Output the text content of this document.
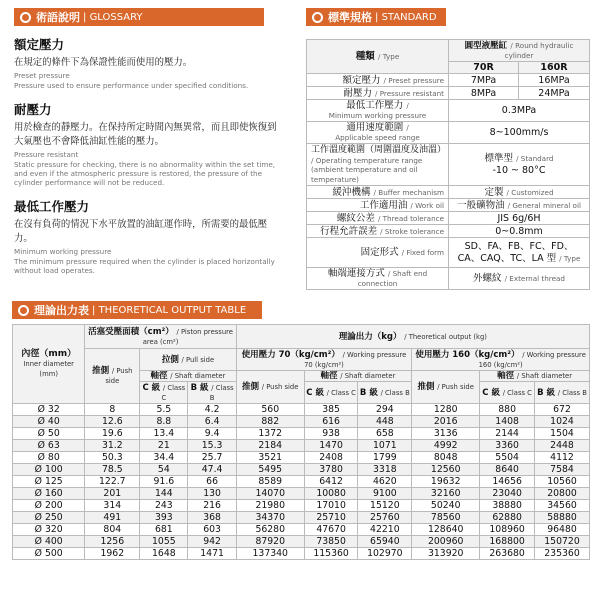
術語說明 | GLOSSARY
額定壓力
在規定的條件下為保證性能而使用的壓力。
Preset pressure
Pressure used to ensure performance under specified conditions.
耐壓力
用於檢查的靜壓力。在保持所定時間內無異常，而且即使恢復到大氣壓也不會降低油缸性能的壓力。
Pressure resistant
Static pressure for checking, there is no abnormality within the set time, and even if the atmospheric pressure is restored, the pressure of the cylinder performance will not be reduced.
最低工作壓力
在沒有負荷的情況下水平放置的油缸運作時，所需要的最低壓力。
Minimum working pressure
The minimum pressure required when the cylinder is placed horizontally without load operates.
標準規格 | STANDARD
種類 / Type	圓型液壓缸 / Round hydraulic cylinder	
	70R	160R
額定壓力 / Preset pressure	7MPa	16MPa
耐壓力 / Pressure resistant	8MPa	24MPa
最低工作壓力 /
Minimum working pressure	0.3MPa	
適用速度範圍 /
Applicable speed range	8~100mm/s	
工作溫度範圍（周圍溫度及油溫） / Operating temperature range (ambient temperature and oil temperature)	標準型 / Standard
-10 ~ 80°C	
緩沖機構 / Buffer mechanism	定製 / Customized	
工作適用油 / Work oil	一般礦物油 / General mineral oil	
螺紋公差 / Thread tolerance	JIS 6g/6H	
行程允許誤差 / Stroke tolerance	0~0.8mm	
固定形式 / Fixed form	SD、FA、FB、FC、FD、
CA、CAQ、TC、LA 型 / Type	
軸端連接方式 / Shaft end
connection	外螺紋 / External thread	
理論出力表 | THEORETICAL OUTPUT TABLE
內徑（mm）
Inner diameter (mm)	活塞受壓面積（cm²） / Piston pressure area (cm²)			理論出力（kg） / Theoretical output (kg)					
	推側 / Push side	拉側 / Pull side		使用壓力 70（kg/cm²） / Working pressure 70 (kg/cm²)			使用壓力 160（kg/cm²） / Working pressure 160 (kg/cm²)		
		軸徑 / Shaft diameter		推側 / Push side	軸徑 / Shaft diameter		推側 / Push side	軸徑 / Shaft diameter	
		C 級 / Class C	B 級 / Class B		C 級 / Class C	B 級 / Class B		C 級 / Class C	B 級 / Class B
Ø 32	8	5.5	4.2	560	385	294	1280	880	672
Ø 40	12.6	8.8	6.4	882	616	448	2016	1408	1024
Ø 50	19.6	13.4	9.4	1372	938	658	3136	2144	1504
Ø 63	31.2	21	15.3	2184	1470	1071	4992	3360	2448
Ø 80	50.3	34.4	25.7	3521	2408	1799	8048	5504	4112
Ø 100	78.5	54	47.4	5495	3780	3318	12560	8640	7584
Ø 125	122.7	91.6	66	8589	6412	4620	19632	14656	10560
Ø 160	201	144	130	14070	10080	9100	32160	23040	20800
Ø 200	314	243	216	21980	17010	15120	50240	38880	34560
Ø 250	491	393	368	34370	25710	25760	78560	62880	58880
Ø 320	804	681	603	56280	47670	42210	128640	108960	96480
Ø 400	1256	1055	942	87920	73850	65940	200960	168800	150720
Ø 500	1962	1648	1471	137340	115360	102970	313920	263680	235360
